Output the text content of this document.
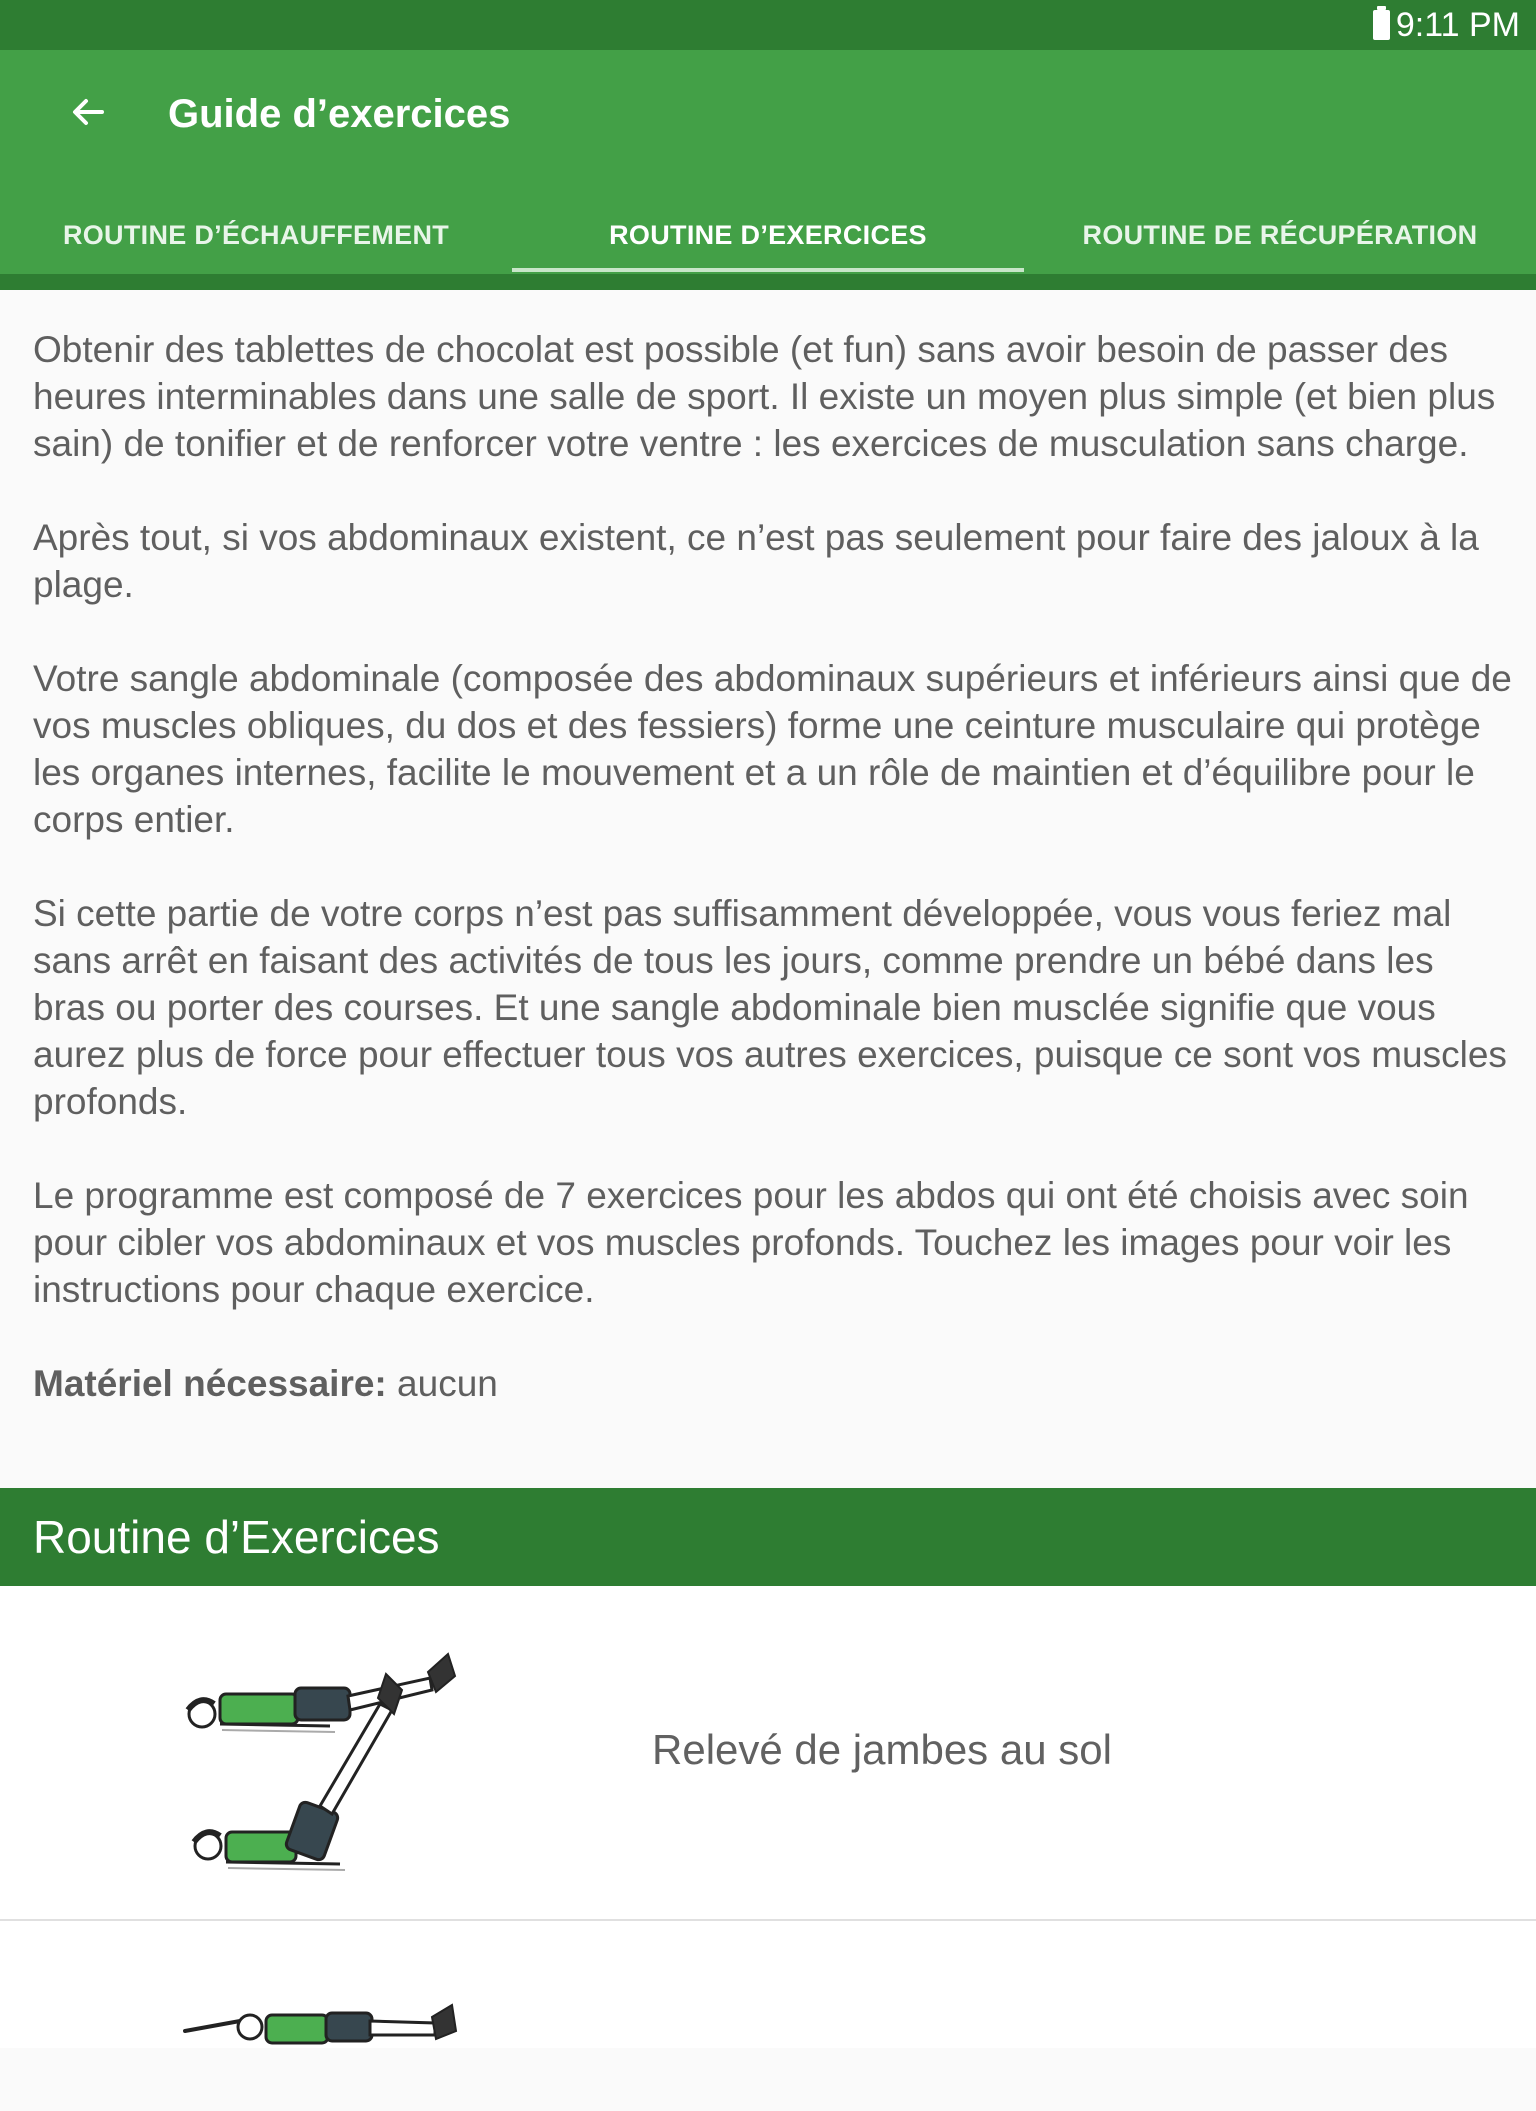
9:11 PM
Guide d’exercices
ROUTINE D’ÉCHAUFFEMENT	ROUTINE D’EXERCICES	ROUTINE DE RÉCUPÉRATION

Obtenir des tablettes de chocolat est possible (et fun) sans avoir besoin de passer des heures interminables dans une salle de sport. Il existe un moyen plus simple (et bien plus sain) de tonifier et de renforcer votre ventre : les exercices de musculation sans charge.

Après tout, si vos abdominaux existent, ce n’est pas seulement pour faire des jaloux à la plage.

Votre sangle abdominale (composée des abdominaux supérieurs et inférieurs ainsi que de vos muscles obliques, du dos et des fessiers) forme une ceinture musculaire qui protège les organes internes, facilite le mouvement et a un rôle de maintien et d’équilibre pour le corps entier.

Si cette partie de votre corps n’est pas suffisamment développée, vous vous feriez mal sans arrêt en faisant des activités de tous les jours, comme prendre un bébé dans les bras ou porter des courses. Et une sangle abdominale bien musclée signifie que vous aurez plus de force pour effectuer tous vos autres exercices, puisque ce sont vos muscles profonds.

Le programme est composé de 7 exercices pour les abdos qui ont été choisis avec soin pour cibler vos abdominaux et vos muscles profonds. Touchez les images pour voir les instructions pour chaque exercice.

Matériel nécessaire: aucun

Routine d’Exercices
Relevé de jambes au sol
